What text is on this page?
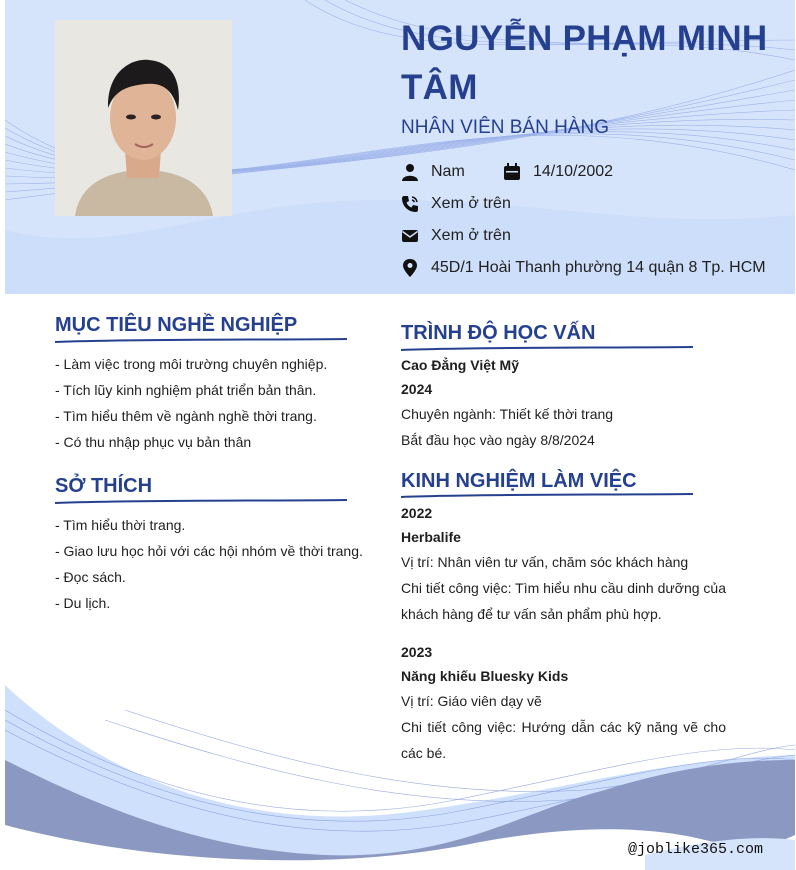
NGUYỄN PHẠM MINH TÂM
NHÂN VIÊN BÁN HÀNG
Nam	14/10/2002
Xem ở trên
Xem ở trên
45D/1 Hoài Thanh phường 14 quận 8 Tp. HCM
MỤC TIÊU NGHỀ NGHIỆP
- Làm việc trong môi trường chuyên nghiệp.
- Tích lũy kinh nghiệm phát triển bản thân.
- Tìm hiểu thêm về ngành nghề thời trang.
- Có thu nhập phục vụ bản thân
SỞ THÍCH
- Tìm hiểu thời trang.
- Giao lưu học hỏi với các hội nhóm về thời trang.
- Đọc sách.
- Du lịch.
TRÌNH ĐỘ HỌC VẤN
Cao Đẳng Việt Mỹ
2024
Chuyên ngành: Thiết kế thời trang
Bắt đầu học vào ngày 8/8/2024
KINH NGHIỆM LÀM VIỆC
2022
Herbalife
Vị trí: Nhân viên tư vấn, chăm sóc khách hàng
Chi tiết công việc: Tìm hiểu nhu cầu dinh dưỡng của khách hàng để tư vấn sản phẩm phù hợp.
2023
Năng khiếu Bluesky Kids
Vị trí: Giáo viên dạy vẽ
Chi tiết công việc: Hướng dẫn các kỹ năng vẽ cho các bé.
@joblike365.com
